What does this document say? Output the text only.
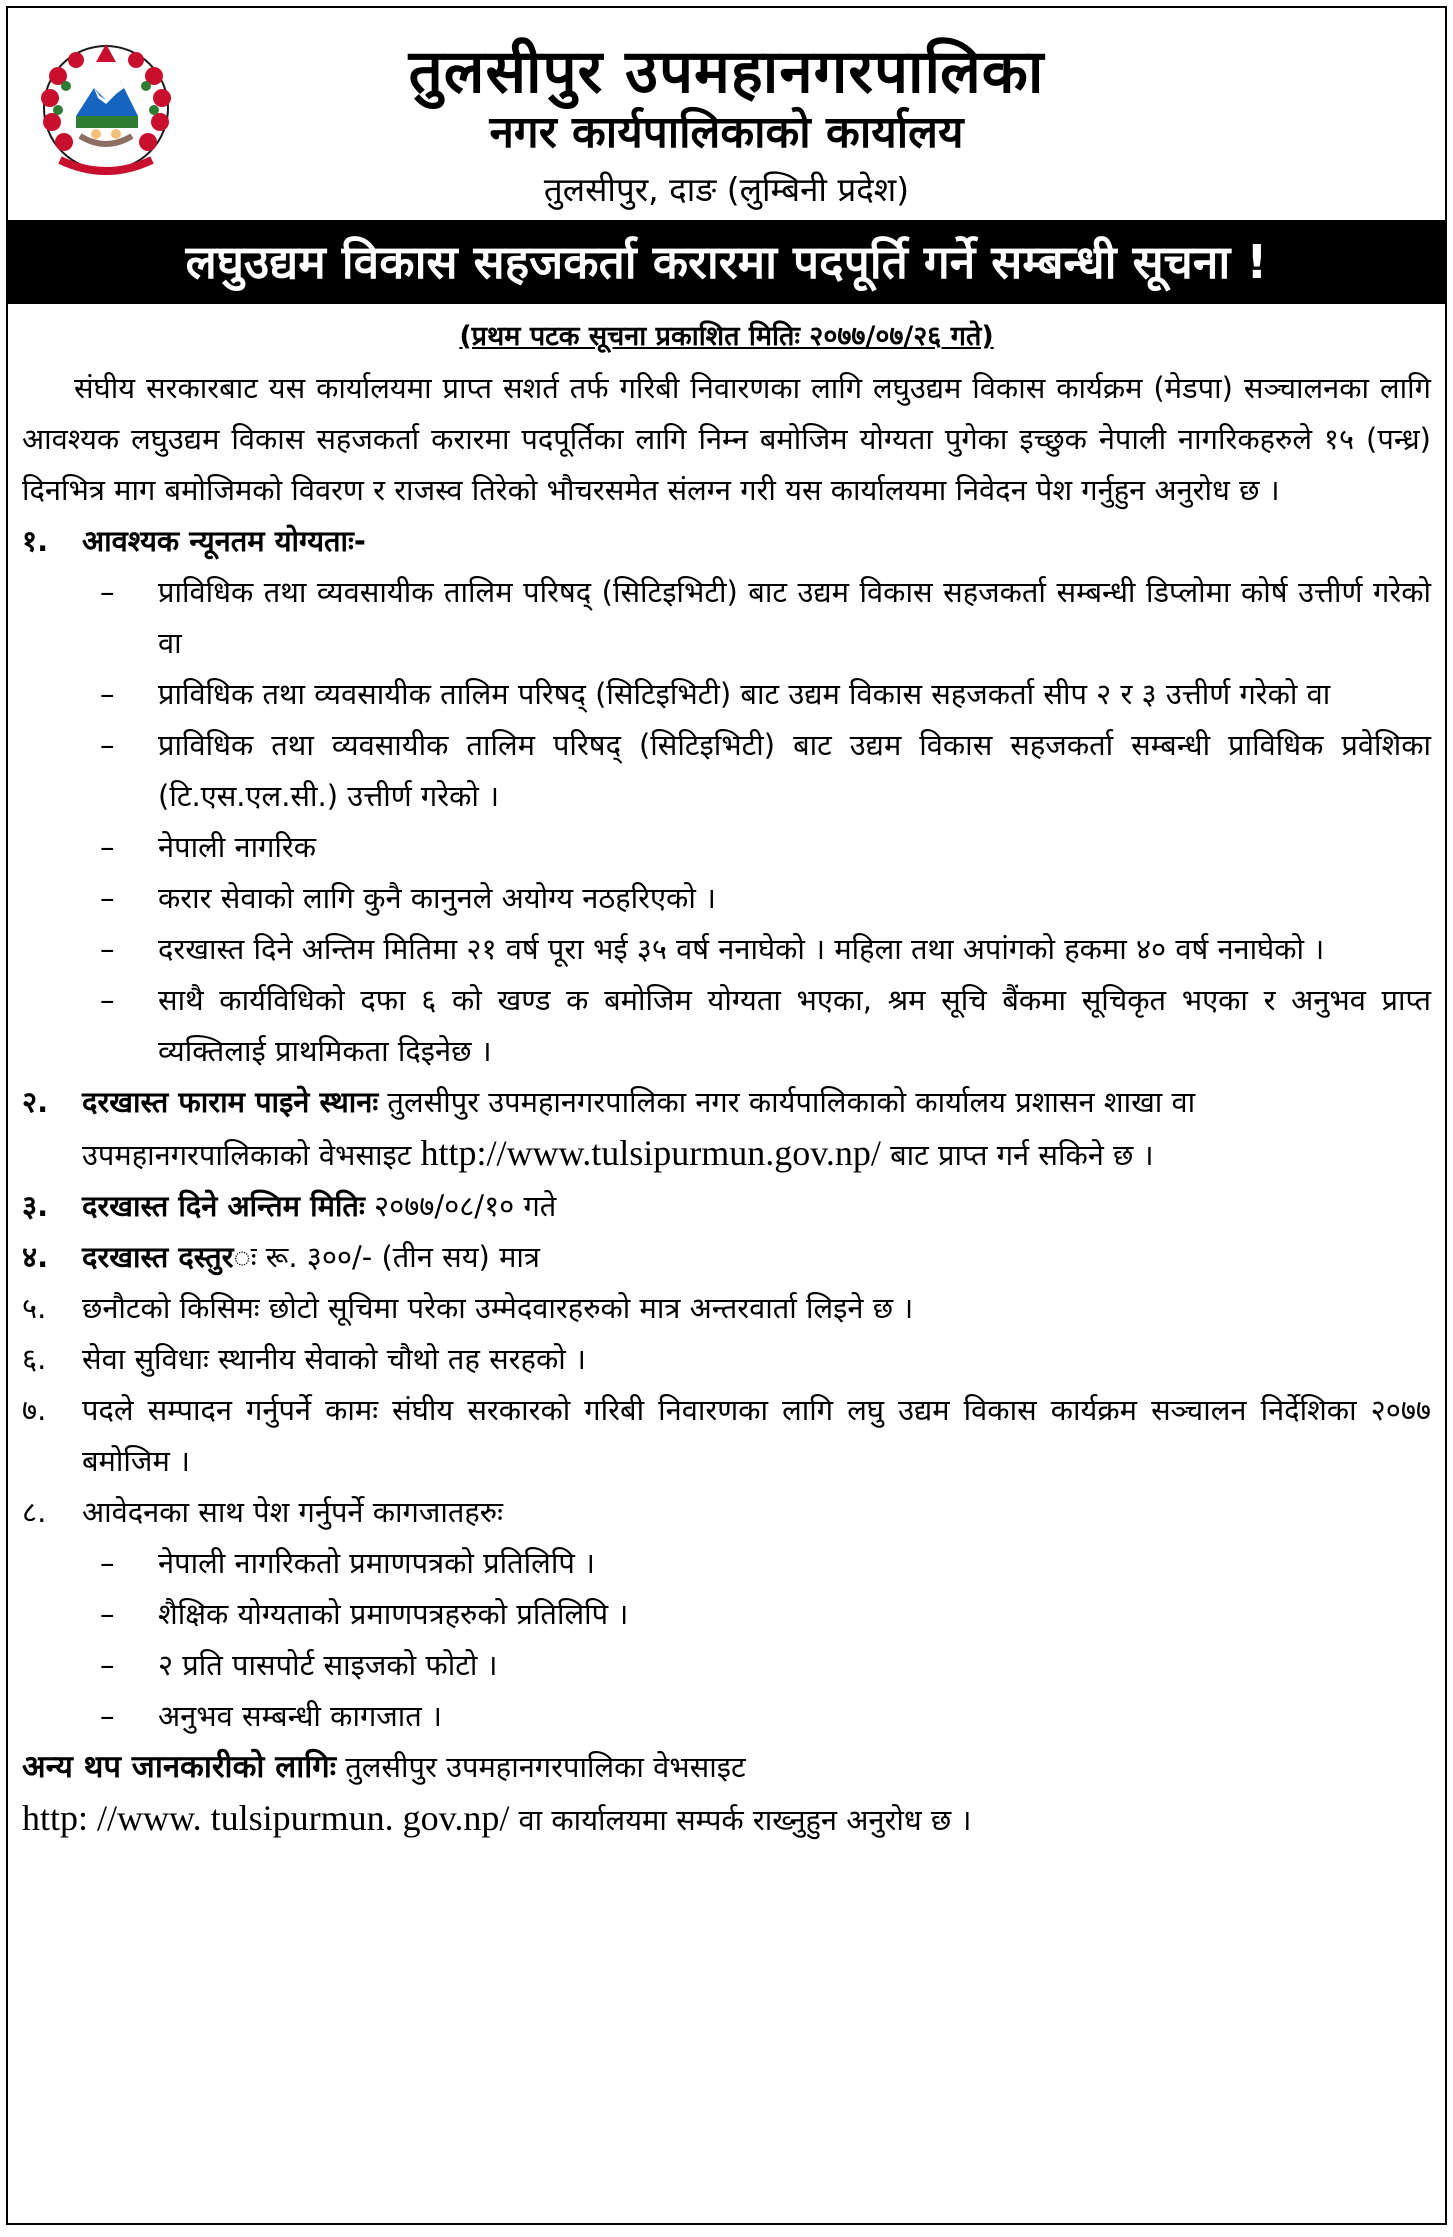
तुलसीपुर उपमहानगरपालिका
नगर कार्यपालिकाको कार्यालय
तुलसीपुर, दाङ (लुम्बिनी प्रदेश)
लघुउद्यम विकास सहजकर्ता करारमा पदपूर्ति गर्ने सम्बन्धी सूचना !
(प्रथम पटक सूचना प्रकाशित मितिः २०७७/०७/२६ गते)

संघीय सरकारबाट यस कार्यालयमा प्राप्त सशर्त तर्फ गरिबी निवारणका लागि लघुउद्यम विकास कार्यक्रम (मेडपा) सञ्चालनका लागि आवश्यक लघुउद्यम विकास सहजकर्ता करारमा पदपूर्तिका लागि निम्न बमोजिम योग्यता पुगेका इच्छुक नेपाली नागरिकहरुले १५ (पन्ध्र) दिनभित्र माग बमोजिमको विवरण र राजस्व तिरेको भौचरसमेत संलग्न गरी यस कार्यालयमा निवेदन पेश गर्नुहुन अनुरोध छ ।

१.	आवश्यक न्यूनतम योग्यताः-
–	प्राविधिक तथा व्यवसायीक तालिम परिषद् (सिटिइभिटी) बाट उद्यम विकास सहजकर्ता सम्बन्धी डिप्लोमा कोर्ष उत्तीर्ण गरेको वा
–	प्राविधिक तथा व्यवसायीक तालिम परिषद् (सिटिइभिटी) बाट उद्यम विकास सहजकर्ता सीप २ र ३ उत्तीर्ण गरेको वा
–	प्राविधिक तथा व्यवसायीक तालिम परिषद् (सिटिइभिटी) बाट उद्यम विकास सहजकर्ता सम्बन्धी प्राविधिक प्रवेशिका (टि.एस.एल.सी.) उत्तीर्ण गरेको ।
–	नेपाली नागरिक
–	करार सेवाको लागि कुनै कानुनले अयोग्य नठहरिएको ।
–	दरखास्त दिने अन्तिम मितिमा २१ वर्ष पूरा भई ३५ वर्ष ननाघेको । महिला तथा अपांगको हकमा ४० वर्ष ननाघेको ।
–	साथै कार्यविधिको दफा ६ को खण्ड क बमोजिम योग्यता भएका, श्रम सूचि बैंकमा सूचिकृत भएका र अनुभव प्राप्त व्यक्तिलाई प्राथमिकता दिइनेछ ।
२.	दरखास्त फाराम पाइने स्थानः तुलसीपुर उपमहानगरपालिका नगर कार्यपालिकाको कार्यालय प्रशासन शाखा वा उपमहानगरपालिकाको वेभसाइट http://www.tulsipurmun.gov.np/ बाट प्राप्त गर्न सकिने छ ।
३.	दरखास्त दिने अन्तिम मितिः २०७७/०८/१० गते
४.	दरखास्त दस्तुरः रू. ३००/- (तीन सय) मात्र
५.	छनौटको किसिमः छोटो सूचिमा परेका उम्मेदवारहरुको मात्र अन्तरवार्ता लिइने छ ।
६.	सेवा सुविधाः स्थानीय सेवाको चौथो तह सरहको ।
७.	पदले सम्पादन गर्नुपर्ने कामः संघीय सरकारको गरिबी निवारणका लागि लघु उद्यम विकास कार्यक्रम सञ्चालन निर्देशिका २०७७ बमोजिम ।
८.	आवेदनका साथ पेश गर्नुपर्ने कागजातहरुः
–	नेपाली नागरिकतो प्रमाणपत्रको प्रतिलिपि ।
–	शैक्षिक योग्यताको प्रमाणपत्रहरुको प्रतिलिपि ।
–	२ प्रति पासपोर्ट साइजको फोटो ।
–	अनुभव सम्बन्धी कागजात ।
अन्य थप जानकारीको लागिः तुलसीपुर उपमहानगरपालिका वेभसाइट
http: //www. tulsipurmun. gov.np/ वा कार्यालयमा सम्पर्क राख्नुहुन अनुरोध छ ।
